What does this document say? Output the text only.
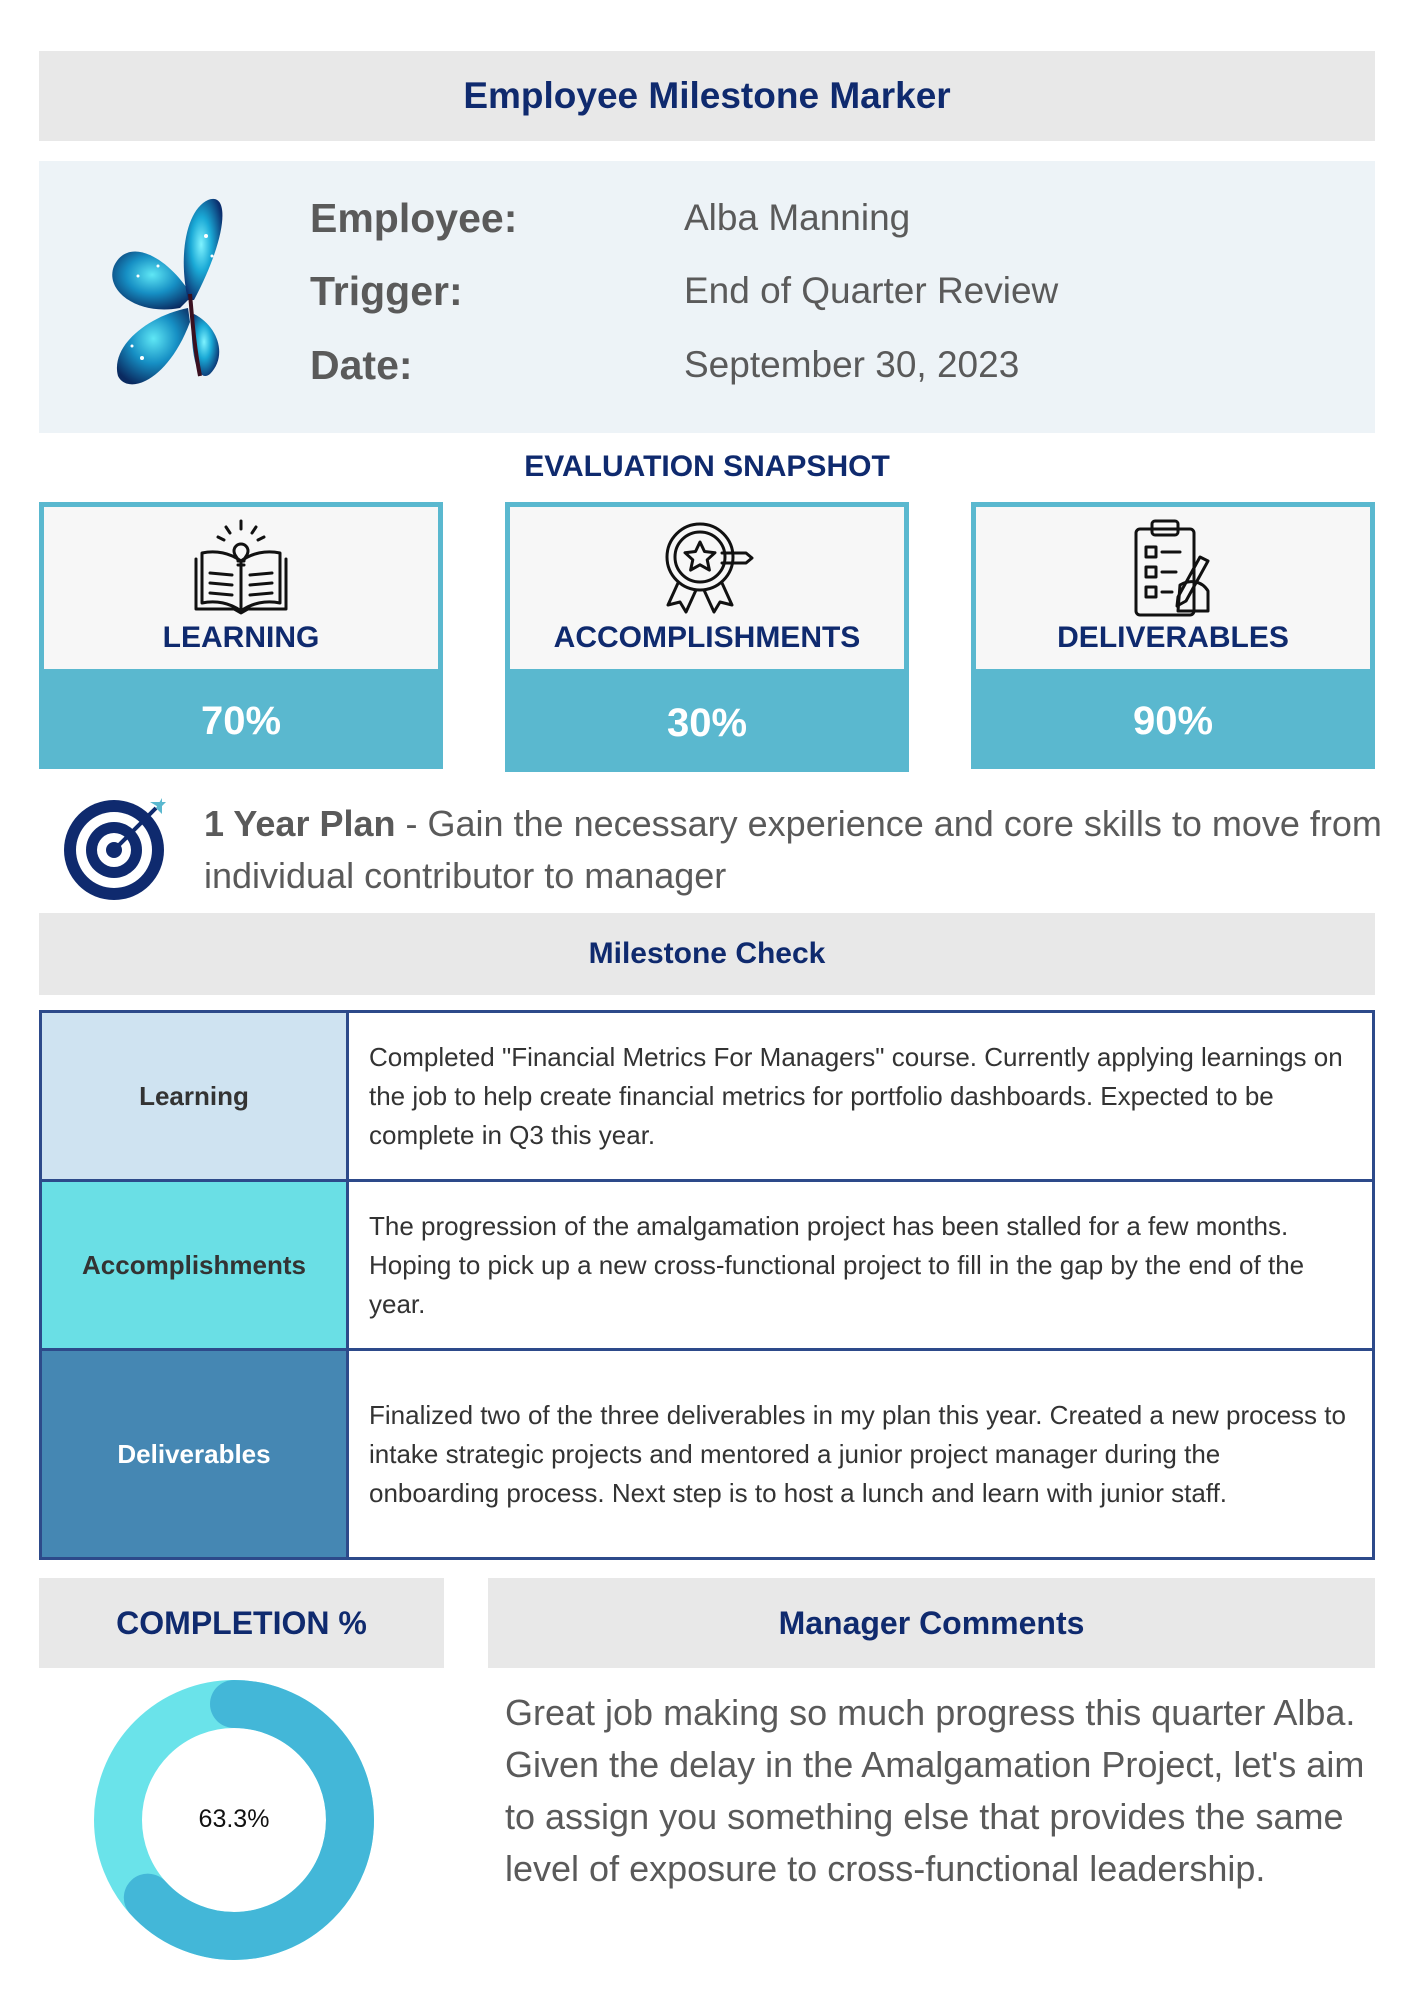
Employee Milestone Marker
Employee:	Alba Manning
Trigger:	End of Quarter Review
Date:	September 30, 2023
EVALUATION SNAPSHOT
LEARNING
70%
ACCOMPLISHMENTS
30%
DELIVERABLES
90%
1 Year Plan - Gain the necessary experience and core skills to move from individual contributor to manager
Milestone Check
Learning	Completed "Financial Metrics For Managers" course. Currently applying learnings on the job to help create financial metrics for portfolio dashboards. Expected to be complete in Q3 this year.
Accomplishments	The progression of the amalgamation project has been stalled for a few months. Hoping to pick up a new cross-functional project to fill in the gap by the end of the year.
Deliverables	Finalized two of the three deliverables in my plan this year. Created a new process to intake strategic projects and mentored a junior project manager during the onboarding process. Next step is to host a lunch and learn with junior staff.
COMPLETION %
63.3%
Manager Comments
Great job making so much progress this quarter Alba. Given the delay in the Amalgamation Project, let's aim to assign you something else that provides the same level of exposure to cross-functional leadership.
